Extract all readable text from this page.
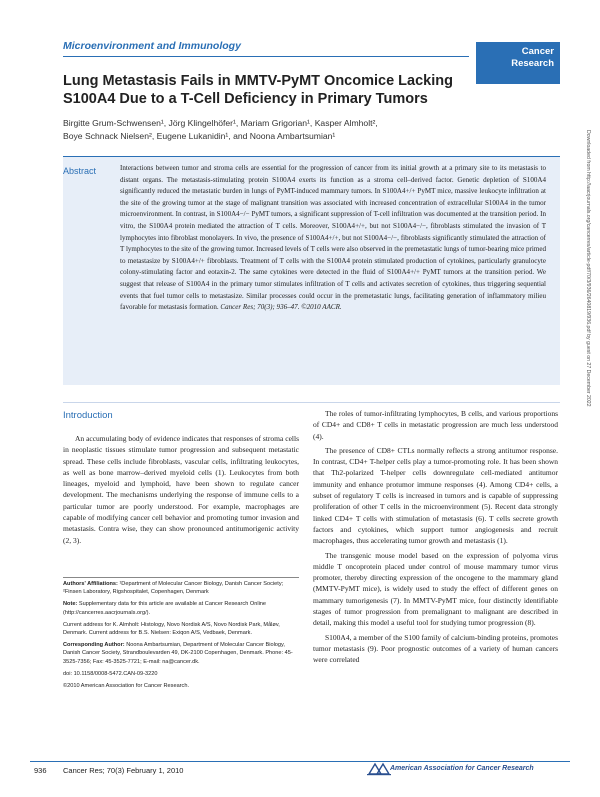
Microenvironment and Immunology	Cancer
Research
Lung Metastasis Fails in MMTV-PyMT Oncomice Lacking S100A4 Due to a T-Cell Deficiency in Primary Tumors
Birgitte Grum-Schwensen¹, Jörg Klingelhöfer¹, Mariam Grigorian¹, Kasper Almholt²,
Boye Schnack Nielsen², Eugene Lukanidin¹, and Noona Ambartsumian¹
Abstract	Interactions between tumor and stroma cells are essential for the progression of cancer from its initial growth at a primary site to its metastasis to distant organs. The metastasis-stimulating protein S100A4 exerts its function as a stroma cell–derived factor. Genetic depletion of S100A4 significantly reduced the metastatic burden in lungs of PyMT-induced mammary tumors. In S100A4+/+ PyMT mice, massive leukocyte infiltration at the site of the growing tumor at the stage of malignant transition was associated with increased concentration of extracellular S100A4 in the tumor microenvironment. In contrast, in S100A4−/− PyMT tumors, a significant suppression of T-cell infiltration was documented at the transition period. In vitro, the S100A4 protein mediated the attraction of T cells. Moreover, S100A4+/+, but not S100A4−/−, fibroblasts stimulated the invasion of T lymphocytes into fibroblast monolayers. In vivo, the presence of S100A4+/+, but not S100A4−/−, fibroblasts significantly stimulated the attraction of T lymphocytes to the site of the growing tumor. Increased levels of T cells were also observed in the premetastatic lungs of tumor-bearing mice primed to metastasize by S100A4+/+ fibroblasts. Treatment of T cells with the S100A4 protein stimulated production of cytokines, particularly granulocyte colony-stimulating factor and eotaxin-2. The same cytokines were detected in the fluid of S100A4+/+ PyMT tumors at the transition period. We suggest that release of S100A4 in the primary tumor stimulates infiltration of T cells and activates secretion of cytokines, thus triggering sequential events that fuel tumor cells to metastasize. Similar processes could occur in the premetastatic lungs, facilitating generation of inflammatory milieu favorable for metastasis formation. Cancer Res; 70(3); 936–47. ©2010 AACR.	Downloaded from http://aacrjournals.org/cancerres/article-pdf/70/3/936/2640819/936.pdf by guest on 27 December 2022
Introduction

An accumulating body of evidence indicates that responses of stroma cells in neoplastic tissues stimulate tumor progression and subsequent metastatic spread. These cells include fibroblasts, vascular cells, infiltrating leukocytes, as well as bone marrow–derived myeloid cells (1). Leukocytes from both lineages, myeloid and lymphoid, have been shown to regulate cancer development. The mechanisms underlying the response of immune cells to a particular tumor are poorly understood. For example, macrophages are capable of modifying cancer cell behavior and promoting tumor invasion and metastasis. Contra wise, they can show pronounced antitumorigenic activity (2, 3).

Authors' Affiliations: ¹Department of Molecular Cancer Biology, Danish Cancer Society; ²Finsen Laboratory, Rigshospitalet, Copenhagen, Denmark

Note: Supplementary data for this article are available at Cancer Research Online (http://cancerres.aacrjournals.org/).

Current address for K. Almholt: Histology, Novo Nordisk A/S, Novo Nordisk Park, Måløv, Denmark. Current address for B.S. Nielsen: Exiqon A/S, Vedbaek, Denmark.

Corresponding Author: Noona Ambartsumian, Department of Molecular Cancer Biology, Danish Cancer Society, Strandboulevarden 49, DK-2100 Copenhagen, Denmark. Phone: 45-3525-7356; Fax: 45-3525-7721; E-mail: na@cancer.dk.

doi: 10.1158/0008-5472.CAN-09-3220

©2010 American Association for Cancer Research.

The roles of tumor-infiltrating lymphocytes, B cells, and various proportions of CD4+ and CD8+ T cells in metastatic progression are much less understood (4).

The presence of CD8+ CTLs normally reflects a strong antitumor response. In contrast, CD4+ T-helper cells play a tumor-promoting role. It has been shown that Th2-polarized T-helper cells downregulate cell-mediated antitumor immunity and enhance protumor immune responses (4). Among CD4+ cells, a subset of regulatory T cells is increased in tumors and is capable of suppressing proliferation of other T cells in the microenvironment (5). Recent data strongly linked CD4+ T cells with stimulation of metastasis (6). T cells secrete growth factors and cytokines, which support tumor angiogenesis and recruit macrophages, thus accelerating tumor growth and metastasis (1).

The transgenic mouse model based on the expression of polyoma virus middle T oncoprotein placed under control of mouse mammary tumor virus promoter, thereby directing expression of the oncogene to the mammary gland (MMTV-PyMT mice), is widely used to study the effect of different genes on mammary tumorigenesis (7). In MMTV-PyMT mice, four distinctly identifiable stages of tumor progression from premalignant to malignant are described in detail, making this model a useful tool for studying tumor progression (8).

S100A4, a member of the S100 family of calcium-binding proteins, promotes tumor metastasis (9). Poor prognostic outcomes of a variety of human cancers were correlated

936 Cancer Res; 70(3) February 1, 2010	American Association for Cancer Research
